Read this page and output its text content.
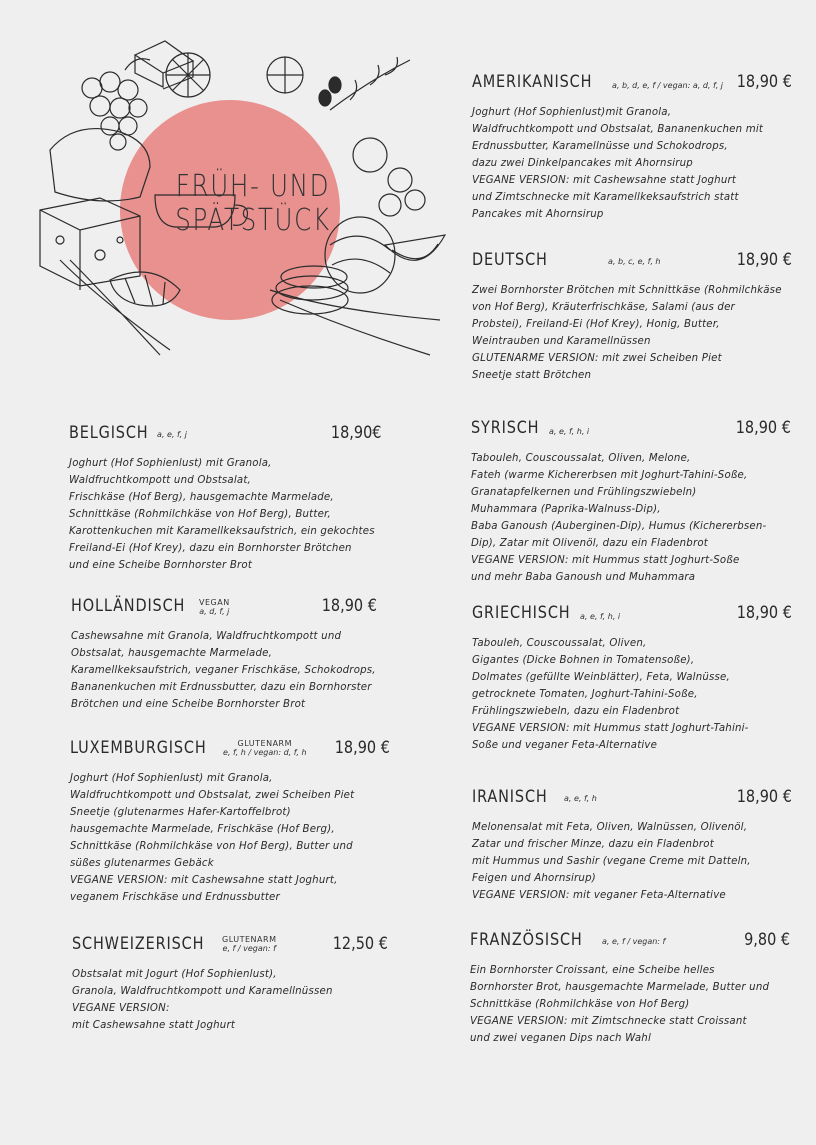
FRÜH- UND
SPÄTSTÜCK
AMERIKANISCH a, b, d, e, f / vegan: a, d, f, j 18,90 €
Joghurt (Hof Sophienlust)mit Granola,
Waldfruchtkompott und Obstsalat, Bananenkuchen mit
Erdnussbutter, Karamellnüsse und Schokodrops,
dazu zwei Dinkelpancakes mit Ahornsirup
VEGANE VERSION: mit Cashewsahne statt Joghurt
und Zimtschnecke mit Karamellkeksaufstrich statt
Pancakes mit Ahornsirup
DEUTSCH	a, b, c, e, f, h	18,90 €
Zwei Bornhorster Brötchen mit Schnittkäse (Rohmilchkäse
von Hof Berg), Kräuterfrischkäse, Salami (aus der
Probstei), Freiland-Ei (Hof Krey), Honig, Butter,
Weintrauben und Karamellnüssen
GLUTENARME VERSION: mit zwei Scheiben Piet
Sneetje statt Brötchen
SYRISCH a, e, f, h, i	18,90 €
Tabouleh, Couscoussalat, Oliven, Melone,
Fateh (warme Kichererbsen mit Joghurt-Tahini-Soße,
Granatapfelkernen und Frühlingszwiebeln)
Muhammara (Paprika-Walnuss-Dip),
Baba Ganoush (Auberginen-Dip), Humus (Kichererbsen-
Dip), Zatar mit Olivenöl, dazu ein Fladenbrot
VEGANE VERSION: mit Hummus statt Joghurt-Soße
und mehr Baba Ganoush und Muhammara
GRIECHISCH a, e, f, h, i	18,90 €
Tabouleh, Couscoussalat, Oliven,
Gigantes (Dicke Bohnen in Tomatensoße),
Dolmates (gefüllte Weinblätter), Feta, Walnüsse,
getrocknete Tomaten, Joghurt-Tahini-Soße,
Frühlingszwiebeln, dazu ein Fladenbrot
VEGANE VERSION: mit Hummus statt Joghurt-Tahini-
Soße und veganer Feta-Alternative
IRANISCH a, e, f, h	18,90 €
Melonensalat mit Feta, Oliven, Walnüssen, Olivenöl,
Zatar und frischer Minze, dazu ein Fladenbrot
mit Hummus und Sashir (vegane Creme mit Datteln,
Feigen und Ahornsirup)
VEGANE VERSION: mit veganer Feta-Alternative
FRANZÖSISCH a, e, f / vegan: f	9,80 €
Ein Bornhorster Croissant, eine Scheibe helles
Bornhorster Brot, hausgemachte Marmelade, Butter und
Schnittkäse (Rohmilchkäse von Hof Berg)
VEGANE VERSION: mit Zimtschnecke statt Croissant
und zwei veganen Dips nach Wahl
BELGISCH a, e, f, j	18,90€
Joghurt (Hof Sophienlust) mit Granola,
Waldfruchtkompott und Obstsalat,
Frischkäse (Hof Berg), hausgemachte Marmelade,
Schnittkäse (Rohmilchkäse von Hof Berg), Butter,
Karottenkuchen mit Karamellkeksaufstrich, ein gekochtes
Freiland-Ei (Hof Krey), dazu ein Bornhorster Brötchen
und eine Scheibe Bornhorster Brot
HOLLÄNDISCH VEGAN
a, d, f, j	18,90 €
Cashewsahne mit Granola, Waldfruchtkompott und
Obstsalat, hausgemachte Marmelade,
Karamellkeksaufstrich, veganer Frischkäse, Schokodrops,
Bananenkuchen mit Erdnussbutter, dazu ein Bornhorster
Brötchen und eine Scheibe Bornhorster Brot
LUXEMBURGISCH	GLUTENARM
e, f, h / vegan: d, f, h 18,90 €
Joghurt (Hof Sophienlust) mit Granola,
Waldfruchtkompott und Obstsalat, zwei Scheiben Piet
Sneetje (glutenarmes Hafer-Kartoffelbrot)
hausgemachte Marmelade, Frischkäse (Hof Berg),
Schnittkäse (Rohmilchkäse von Hof Berg), Butter und
süßes glutenarmes Gebäck
VEGANE VERSION: mit Cashewsahne statt Joghurt,
veganem Frischkäse und Erdnussbutter
SCHWEIZERISCH GLUTENARM
e, f / vegan: f	12,50 €
Obstsalat mit Jogurt (Hof Sophienlust),
Granola, Waldfruchtkompott und Karamellnüssen
VEGANE VERSION:
mit Cashewsahne statt Joghurt
